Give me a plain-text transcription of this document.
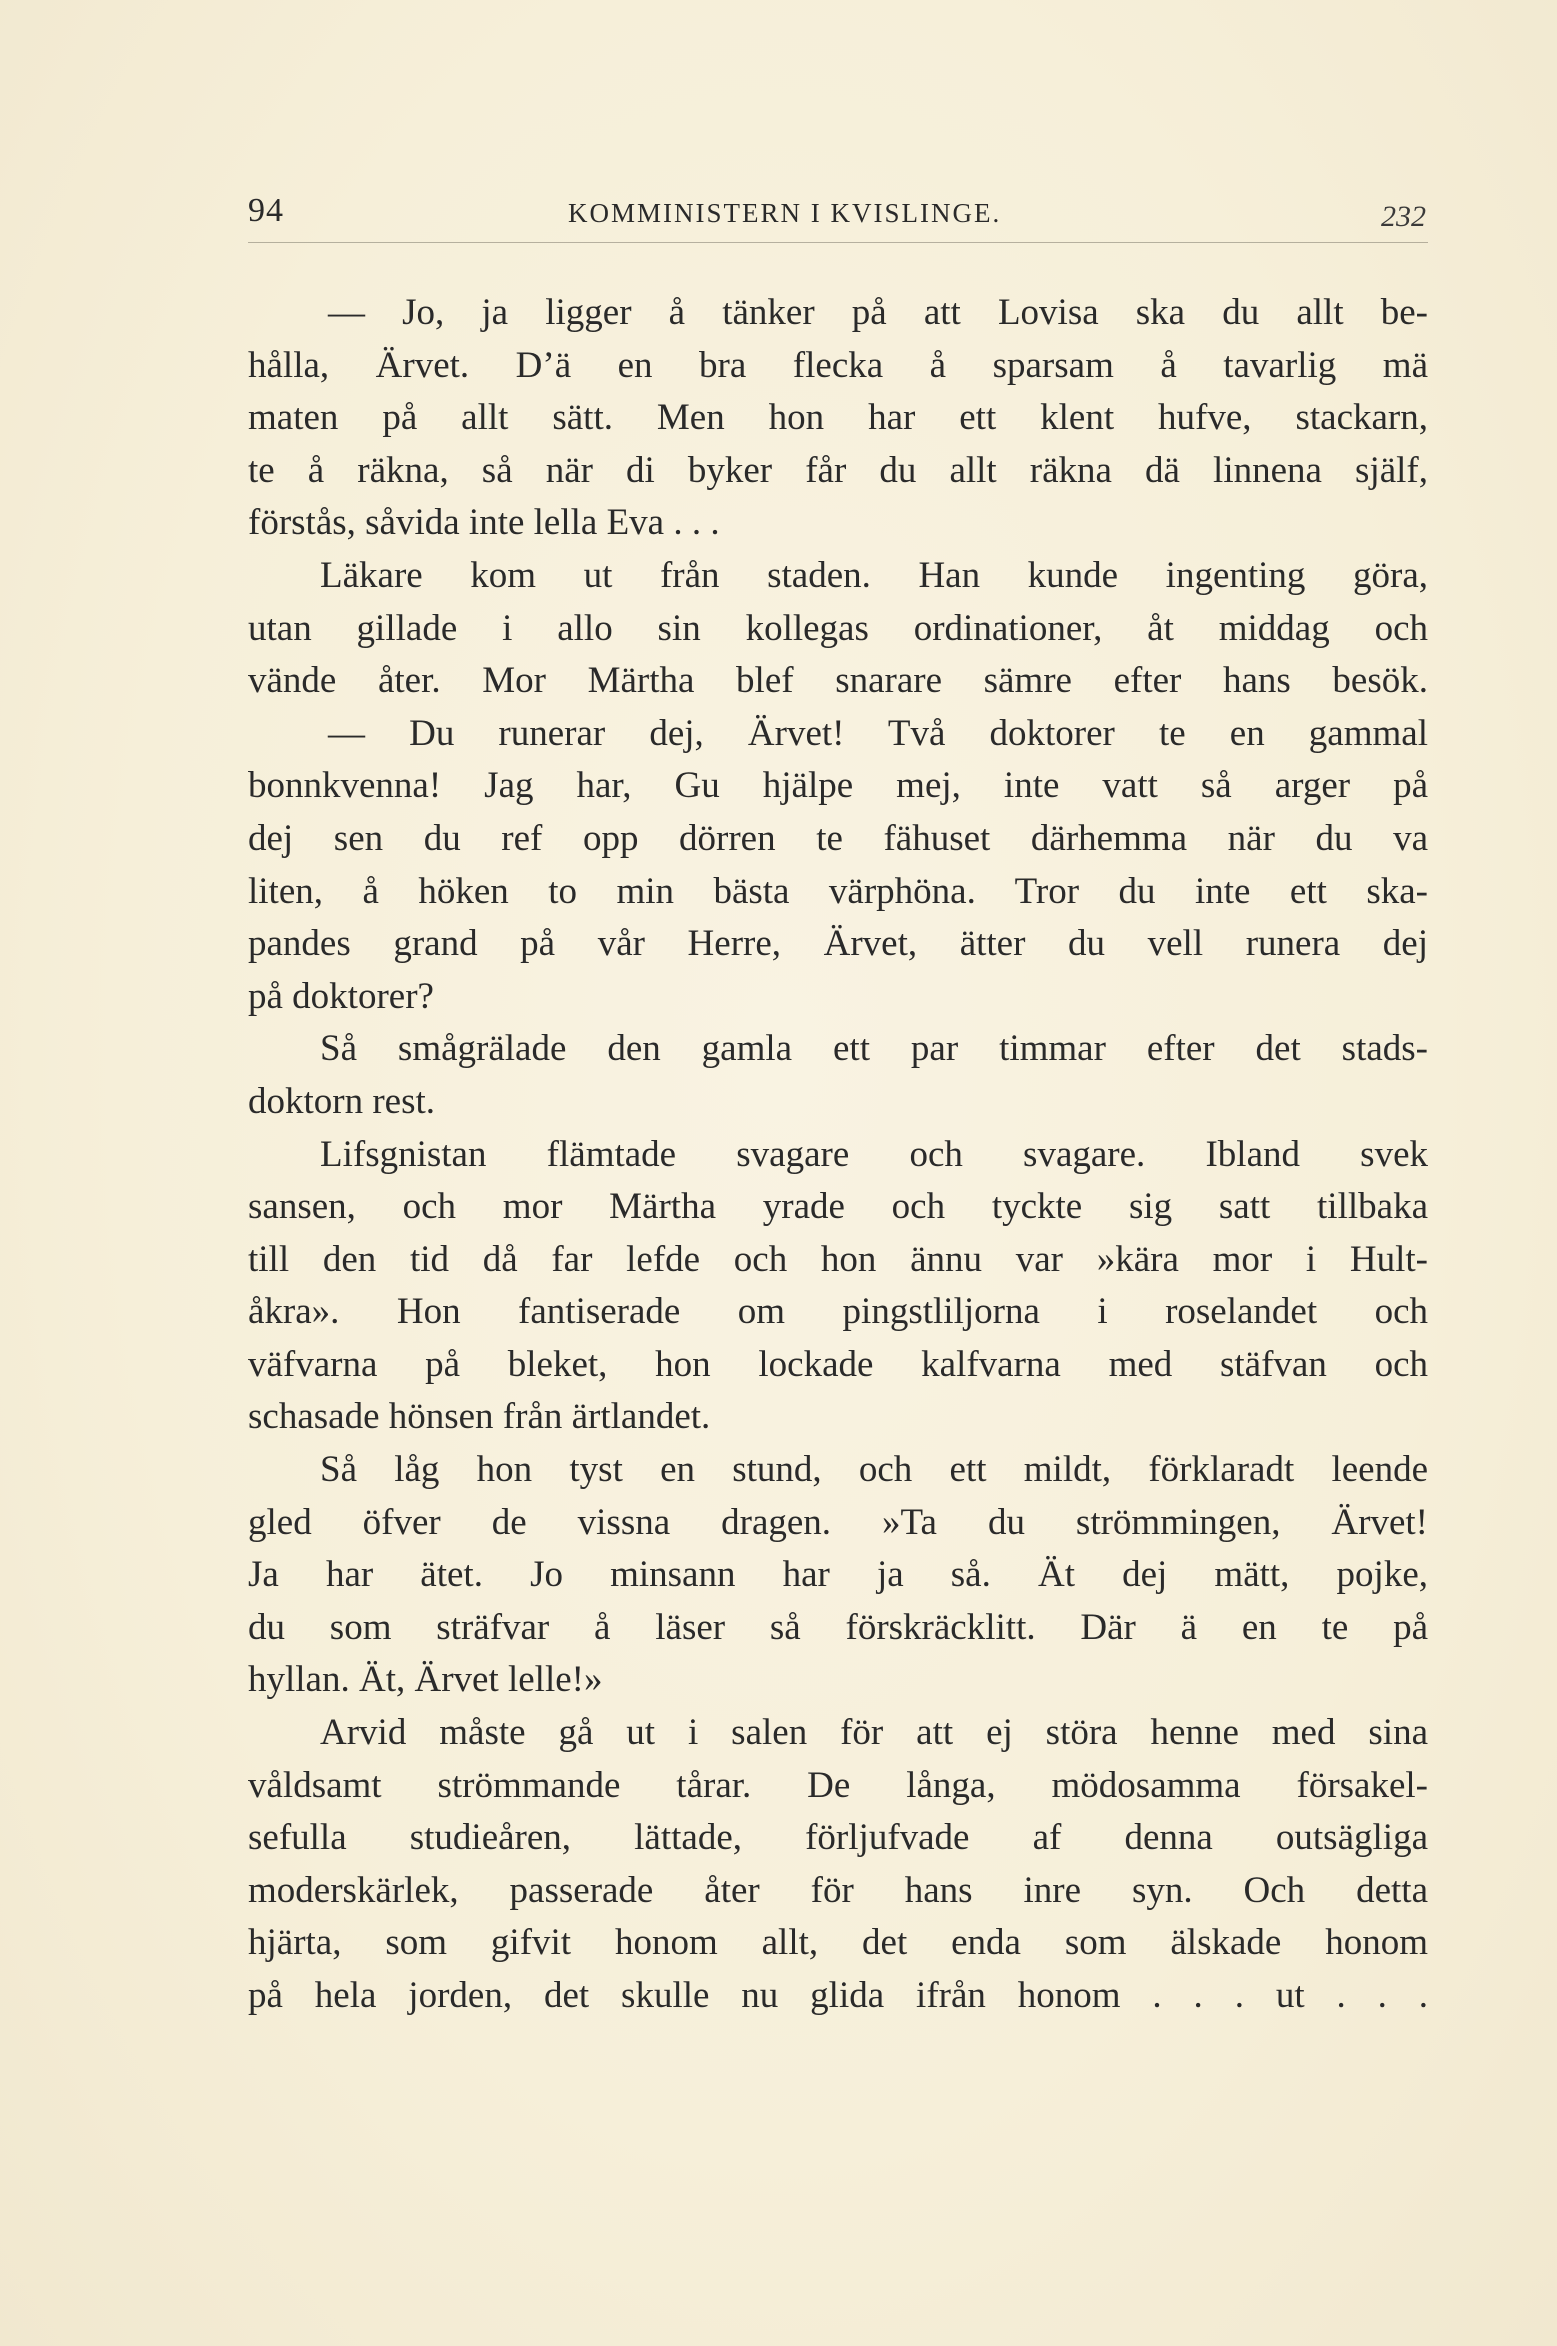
94	KOMMINISTERN I KVISLINGE.	232
— Jo, ja ligger å tänker på att Lovisa ska du allt be-
hålla, Ärvet. D’ä en bra flecka å sparsam å tavarlig mä
maten på allt sätt. Men hon har ett klent hufve, stackarn,
te å räkna, så när di byker får du allt räkna dä linnena själf,
förstås, såvida inte lella Eva . . .
Läkare kom ut från staden. Han kunde ingenting göra,
utan gillade i allo sin kollegas ordinationer, åt middag och
vände åter. Mor Märtha blef snarare sämre efter hans besök.
— Du runerar dej, Ärvet! Två doktorer te en gammal
bonnkvenna! Jag har, Gu hjälpe mej, inte vatt så arger på
dej sen du ref opp dörren te fähuset därhemma när du va
liten, å höken to min bästa värphöna. Tror du inte ett ska-
pandes grand på vår Herre, Ärvet, ätter du vell runera dej
på doktorer?
Så smågrälade den gamla ett par timmar efter det stads-
doktorn rest.
Lifsgnistan flämtade svagare och svagare. Ibland svek
sansen, och mor Märtha yrade och tyckte sig satt tillbaka
till den tid då far lefde och hon ännu var »kära mor i Hult-
åkra». Hon fantiserade om pingstliljorna i roselandet och
väfvarna på bleket, hon lockade kalfvarna med stäfvan och
schasade hönsen från ärtlandet.
Så låg hon tyst en stund, och ett mildt, förklaradt leende
gled öfver de vissna dragen. »Ta du strömmingen, Ärvet!
Ja har ätet. Jo minsann har ja så. Ät dej mätt, pojke,
du som sträfvar å läser så förskräcklitt. Där ä en te på
hyllan. Ät, Ärvet lelle!»
Arvid måste gå ut i salen för att ej störa henne med sina
våldsamt strömmande tårar. De långa, mödosamma försakel-
sefulla studieåren, lättade, förljufvade af denna outsägliga
moderskärlek, passerade åter för hans inre syn. Och detta
hjärta, som gifvit honom allt, det enda som älskade honom
på hela jorden, det skulle nu glida ifrån honom . . . ut . . .
